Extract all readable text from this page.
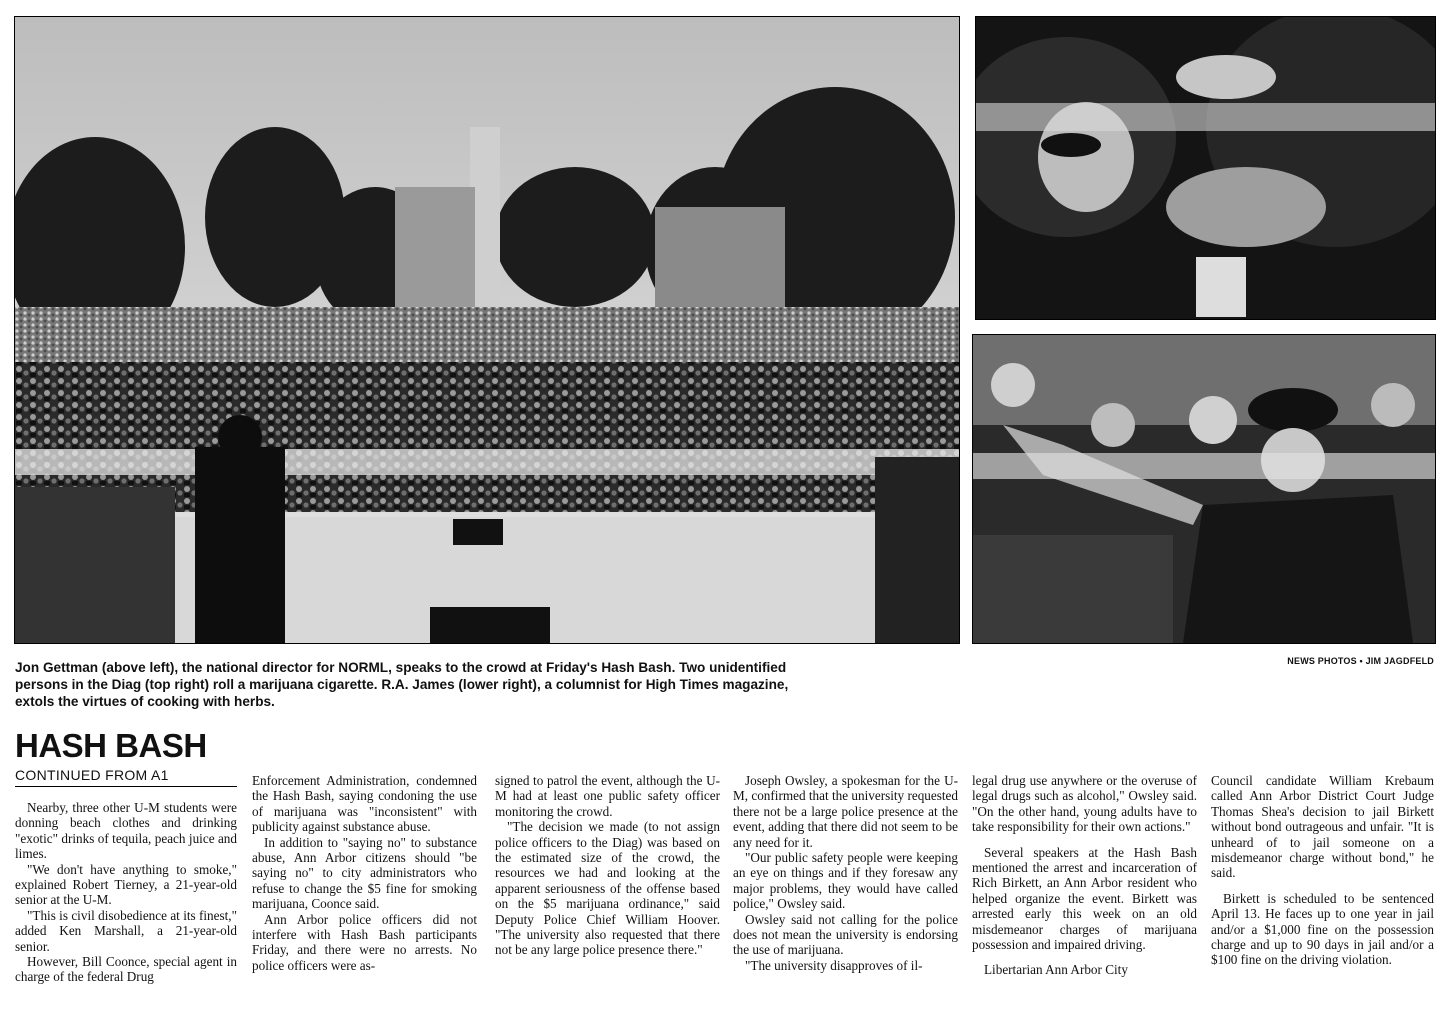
NEWS PHOTOS • JIM JAGDFELD
Jon Gettman (above left), the national director for NORML, speaks to the crowd at Friday's Hash Bash. Two unidentified persons in the Diag (top right) roll a marijuana cigarette. R.A. James (lower right), a columnist for High Times magazine, extols the virtues of cooking with herbs.
HASH BASH
CONTINUED FROM A1

Nearby, three other U-M students were donning beach clothes and drinking "exotic" drinks of tequila, peach juice and limes.

"We don't have anything to smoke," explained Robert Tierney, a 21-year-old senior at the U-M.

"This is civil disobedience at its finest," added Ken Marshall, a 21-year-old senior.

However, Bill Coonce, special agent in charge of the federal Drug

Enforcement Administration, condemned the Hash Bash, saying condoning the use of marijuana was "inconsistent" with publicity against substance abuse.

In addition to "saying no" to substance abuse, Ann Arbor citizens should "be saying no" to city administrators who refuse to change the $5 fine for smoking marijuana, Coonce said.

Ann Arbor police officers did not interfere with Hash Bash participants Friday, and there were no arrests. No police officers were as-

signed to patrol the event, although the U-M had at least one public safety officer monitoring the crowd.

"The decision we made (to not assign police officers to the Diag) was based on the estimated size of the crowd, the resources we had and looking at the apparent seriousness of the offense based on the $5 marijuana ordinance," said Deputy Police Chief William Hoover. "The university also requested that there not be any large police presence there."

Joseph Owsley, a spokesman for the U-M, confirmed that the university requested there not be a large police presence at the event, adding that there did not seem to be any need for it.

"Our public safety people were keeping an eye on things and if they foresaw any major problems, they would have called police," Owsley said.

Owsley said not calling for the police does not mean the university is endorsing the use of marijuana.

"The university disapproves of il-

legal drug use anywhere or the overuse of legal drugs such as alcohol," Owsley said. "On the other hand, young adults have to take responsibility for their own actions."

Several speakers at the Hash Bash mentioned the arrest and incarceration of Rich Birkett, an Ann Arbor resident who helped organize the event. Birkett was arrested early this week on an old misdemeanor charges of marijuana possession and impaired driving.

Libertarian Ann Arbor City

Council candidate William Krebaum called Ann Arbor District Court Judge Thomas Shea's decision to jail Birkett without bond outrageous and unfair. "It is unheard of to jail someone on a misdemeanor charge without bond," he said.

Birkett is scheduled to be sentenced April 13. He faces up to one year in jail and/or a $1,000 fine on the possession charge and up to 90 days in jail and/or a $100 fine on the driving violation.
